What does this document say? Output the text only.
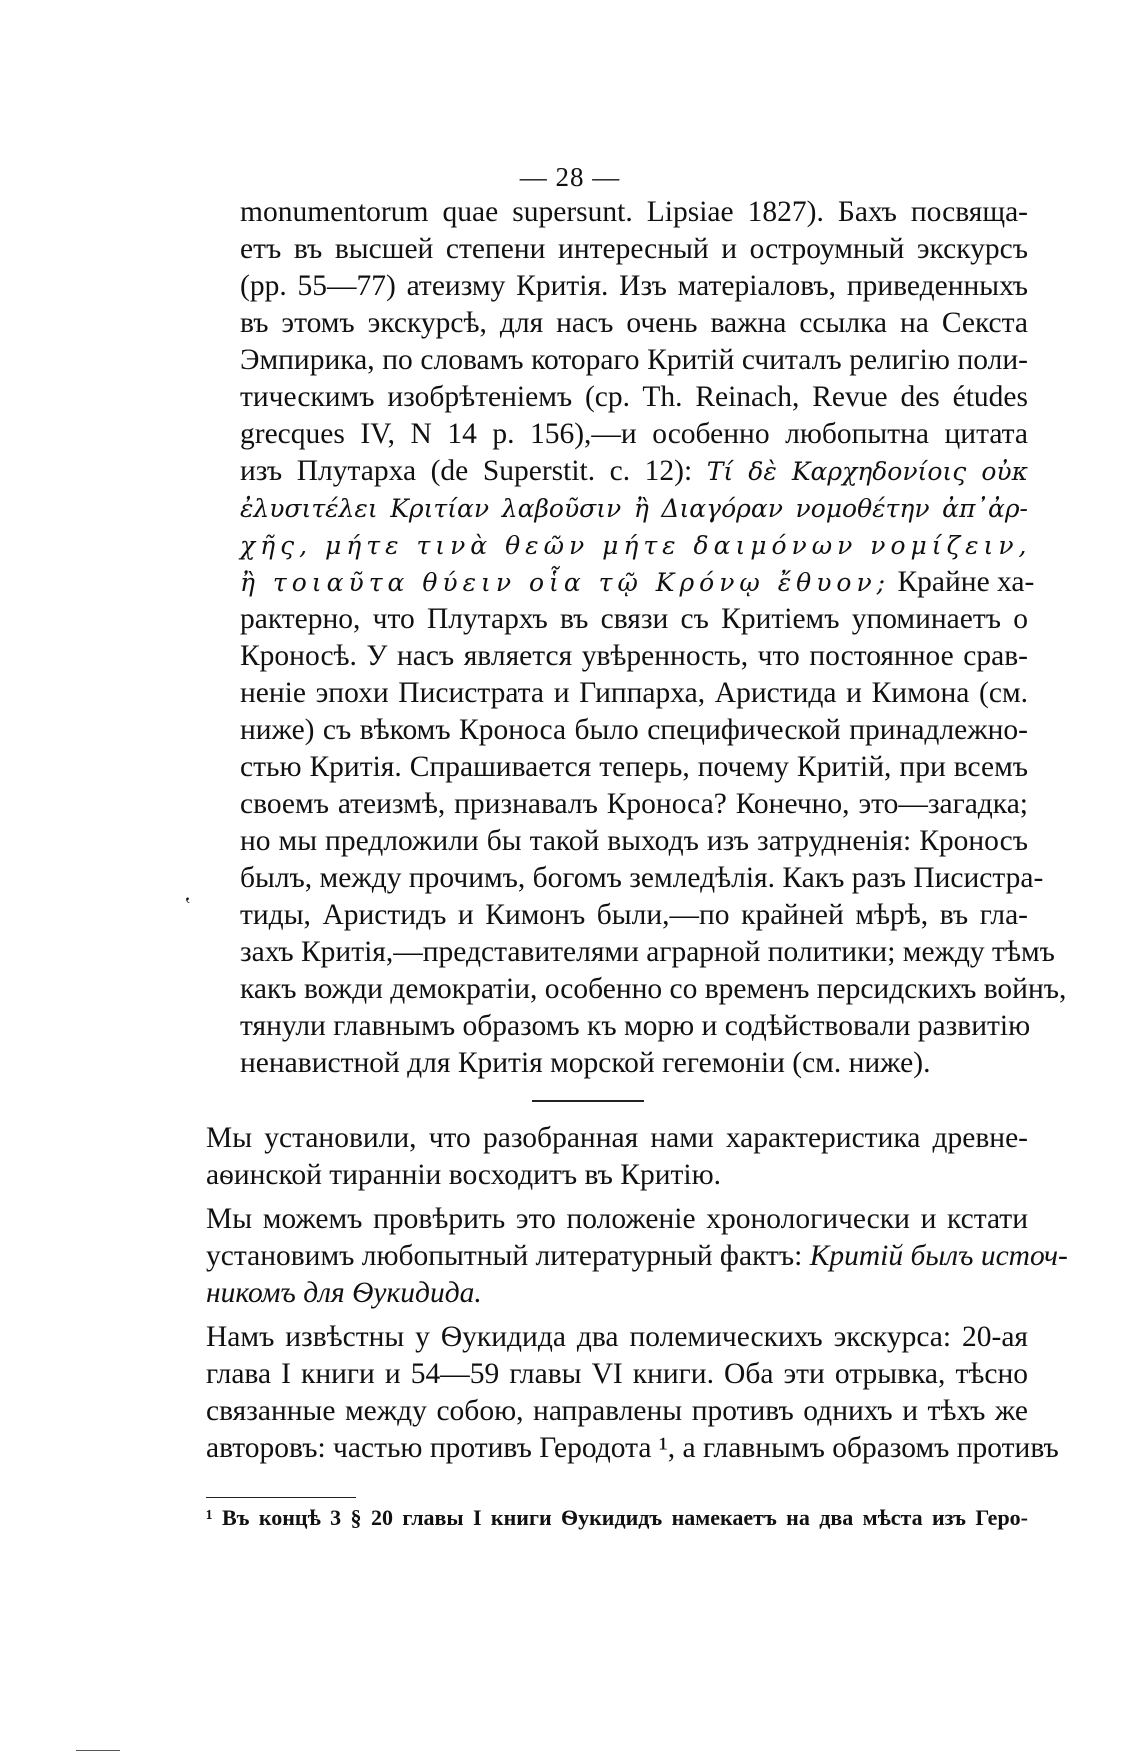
— 28 —
monumentorum quae supersunt. Lipsiae 1827). Бахъ посвяща-
етъ въ высшей степени интересный и остроумный экскурсъ
(pp. 55—77) атеизму Критія. Изъ матеріаловъ, приведенныхъ
въ этомъ экскурсѣ, для насъ очень важна ссылка на Секста
Эмпирика, по словамъ котораго Критій считалъ религію поли-
тическимъ изобрѣтеніемъ (cp. Th. Reinach, Revue des études
grecques IV, N 14 p. 156),—и особенно любопытна цитата
изъ Плутарха (de Superstit. c. 12): Τί δὲ Καρχηδονίοις οὐκ
ἐλυσιτέλει Κριτίαν λαβοῦσιν ἢ Διαγόραν νομοθέτην ἀπ᾽ἀρ-
χῆς, μήτε τινὰ θεῶν μήτε δαιμόνων νομίζειν,
ἢ τοιαῦτα θύειν οἷα τῷ Κρόνῳ ἔθυον; Крайне ха-
рактерно, что Плутархъ въ связи съ Критіемъ упоминаетъ о
Кроносѣ. У насъ является увѣренность, что постоянное срав-
неніе эпохи Писистрата и Гиппарха, Аристида и Кимона (см.
ниже) съ вѣкомъ Кроноса было специфической принадлежно-
стью Критія. Спрашивается теперь, почему Критій, при всемъ
своемъ атеизмѣ, признавалъ Кроноса? Конечно, это—загадка;
но мы предложили бы такой выходъ изъ затрудненія: Кроносъ
былъ, между прочимъ, богомъ земледѣлія. Какъ разъ Писистра-
тиды, Аристидъ и Кимонъ были,—по крайней мѣрѣ, въ гла-
захъ Критія,—представителями аграрной политики; между тѣмъ
какъ вожди демократіи, особенно со временъ персидскихъ войнъ,
тянули главнымъ образомъ къ морю и содѣйствовали развитію
ненавистной для Критія морской гегемоніи (см. ниже).
‛

Мы установили, что разобранная нами характеристика древне-
аѳинской тиранніи восходитъ въ Критію.

Мы можемъ провѣрить это положеніе хронологически и кстати
установимъ любопытный литературный фактъ: Критій былъ источ-
никомъ для Ѳукидида.

Намъ извѣстны у Ѳукидида два полемическихъ экскурса: 20-ая
глава I книги и 54—59 главы VI книги. Оба эти отрывка, тѣсно
связанные между собою, направлены противъ однихъ и тѣхъ же
авторовъ: частью противъ Геродота ¹, а главнымъ образомъ противъ

¹ Въ концѣ 3 § 20 главы I книги Ѳукидидъ намекаетъ на два мѣста изъ Геро-
